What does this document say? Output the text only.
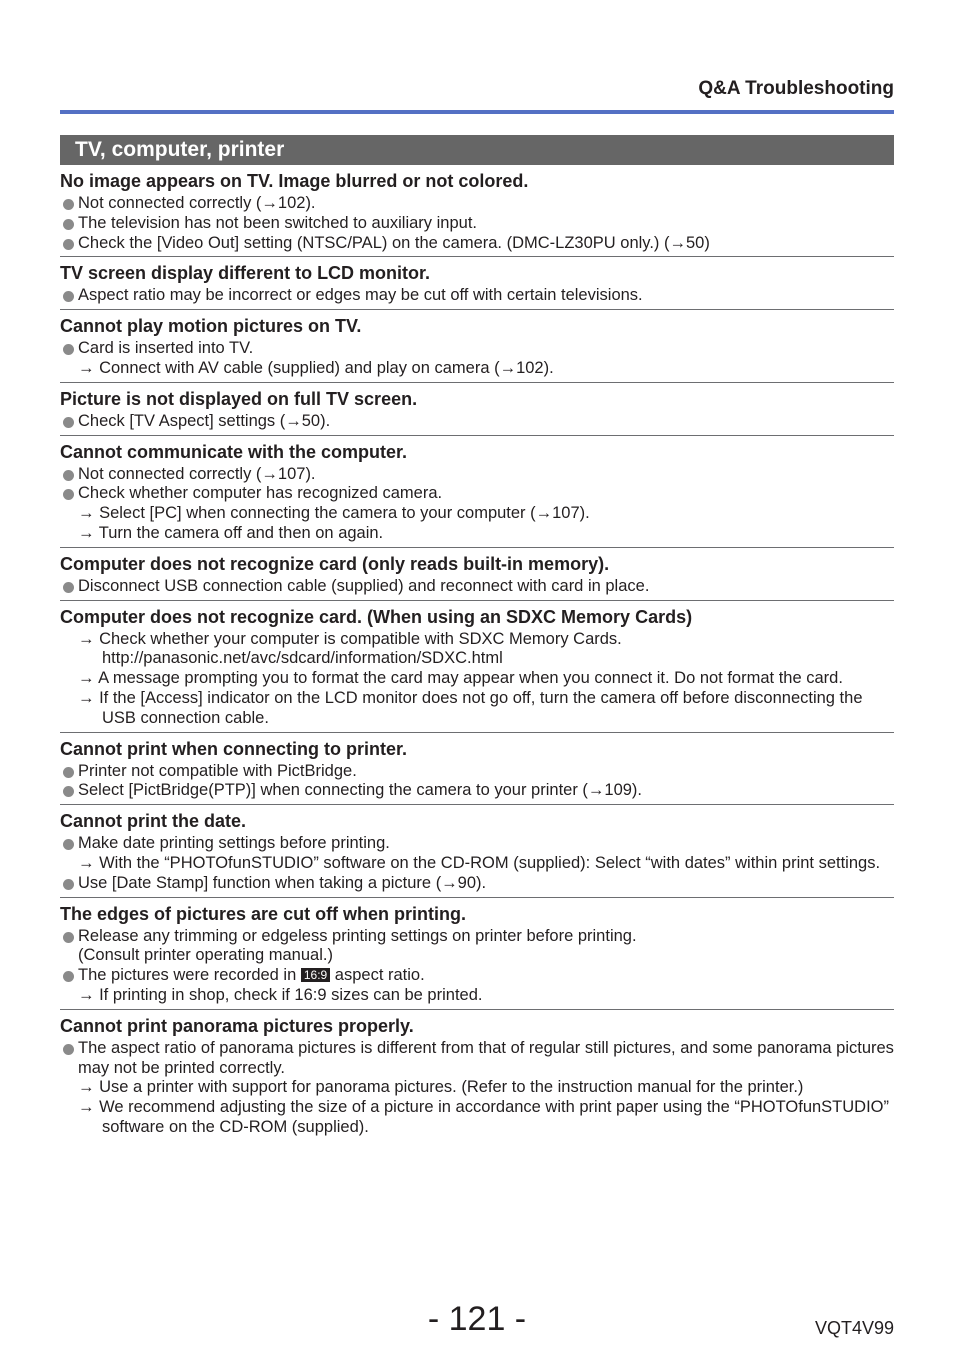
Q&A Troubleshooting
TV, computer, printer
No image appears on TV. Image blurred or not colored.
Not connected correctly (→102).
The television has not been switched to auxiliary input.
Check the [Video Out] setting (NTSC/PAL) on the camera. (DMC-LZ30PU only.) (→50)
TV screen display different to LCD monitor.
Aspect ratio may be incorrect or edges may be cut off with certain televisions.
Cannot play motion pictures on TV.
Card is inserted into TV.
→ Connect with AV cable (supplied) and play on camera (→102).
Picture is not displayed on full TV screen.
Check [TV Aspect] settings (→50).
Cannot communicate with the computer.
Not connected correctly (→107).
Check whether computer has recognized camera.
→ Select [PC] when connecting the camera to your computer (→107).
→ Turn the camera off and then on again.
Computer does not recognize card (only reads built-in memory).
Disconnect USB connection cable (supplied) and reconnect with card in place.
Computer does not recognize card. (When using an SDXC Memory Cards)
→ Check whether your computer is compatible with SDXC Memory Cards. http://panasonic.net/avc/sdcard/information/SDXC.html
→ A message prompting you to format the card may appear when you connect it. Do not format the card.
→ If the [Access] indicator on the LCD monitor does not go off, turn the camera off before disconnecting the USB connection cable.
Cannot print when connecting to printer.
Printer not compatible with PictBridge.
Select [PictBridge(PTP)] when connecting the camera to your printer (→109).
Cannot print the date.
Make date printing settings before printing.
→ With the “PHOTOfunSTUDIO” software on the CD-ROM (supplied): Select “with dates” within print settings.
Use [Date Stamp] function when taking a picture (→90).
The edges of pictures are cut off when printing.
Release any trimming or edgeless printing settings on printer before printing.
(Consult printer operating manual.)
The pictures were recorded in 16:9 aspect ratio.
→ If printing in shop, check if 16:9 sizes can be printed.
Cannot print panorama pictures properly.
The aspect ratio of panorama pictures is different from that of regular still pictures, and some panorama pictures may not be printed correctly.
→ Use a printer with support for panorama pictures. (Refer to the instruction manual for the printer.)
→ We recommend adjusting the size of a picture in accordance with print paper using the “PHOTOfunSTUDIO” software on the CD-ROM (supplied).
- 121 -	VQT4V99
